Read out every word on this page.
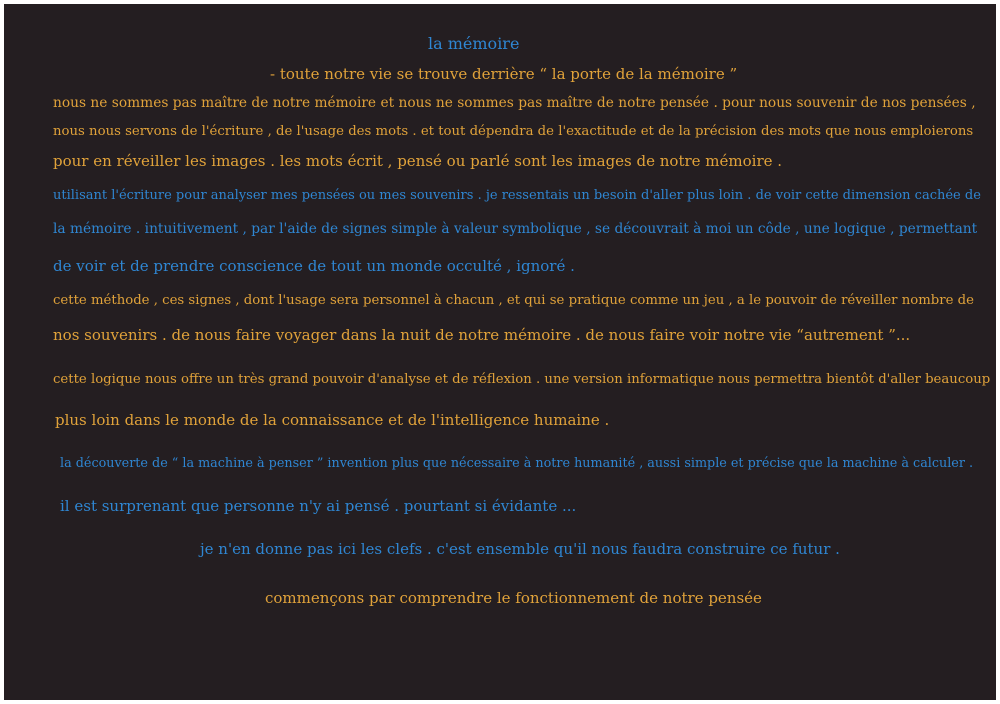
la mémoire
- toute notre vie se trouve derrière “ la porte de la mémoire ”
nous ne sommes pas maître de notre mémoire et nous ne sommes pas maître de notre pensée . pour nous souvenir de nos pensées ,
nous nous servons de l'écriture , de l'usage des mots . et tout dépendra de l'exactitude et de la précision des mots que nous emploierons
pour en réveiller les images . les mots écrit , pensé ou parlé sont les images de notre mémoire .
utilisant l'écriture pour analyser mes pensées ou mes souvenirs . je ressentais un besoin d'aller plus loin . de voir cette dimension cachée de
la mémoire . intuitivement , par l'aide de signes simple à valeur symbolique , se découvrait à moi un côde , une logique , permettant
de voir et de prendre conscience de tout un monde occulté , ignoré .
cette méthode , ces signes , dont l'usage sera personnel à chacun , et qui se pratique comme un jeu , a le pouvoir de réveiller nombre de
nos souvenirs . de nous faire voyager dans la nuit de notre mémoire . de nous faire voir notre vie “autrement ”...
cette logique nous offre un très grand pouvoir d'analyse et de réflexion . une version informatique nous permettra bientôt d'aller beaucoup
plus loin dans le monde de la connaissance et de l'intelligence humaine .
la découverte de “ la machine à penser ” invention plus que nécessaire à notre humanité , aussi simple et précise que la machine à calculer .
il est surprenant que personne n'y ai pensé . pourtant si évidante ...
je n'en donne pas ici les clefs . c'est ensemble qu'il nous faudra construire ce futur .
commençons par comprendre le fonctionnement de notre pensée
